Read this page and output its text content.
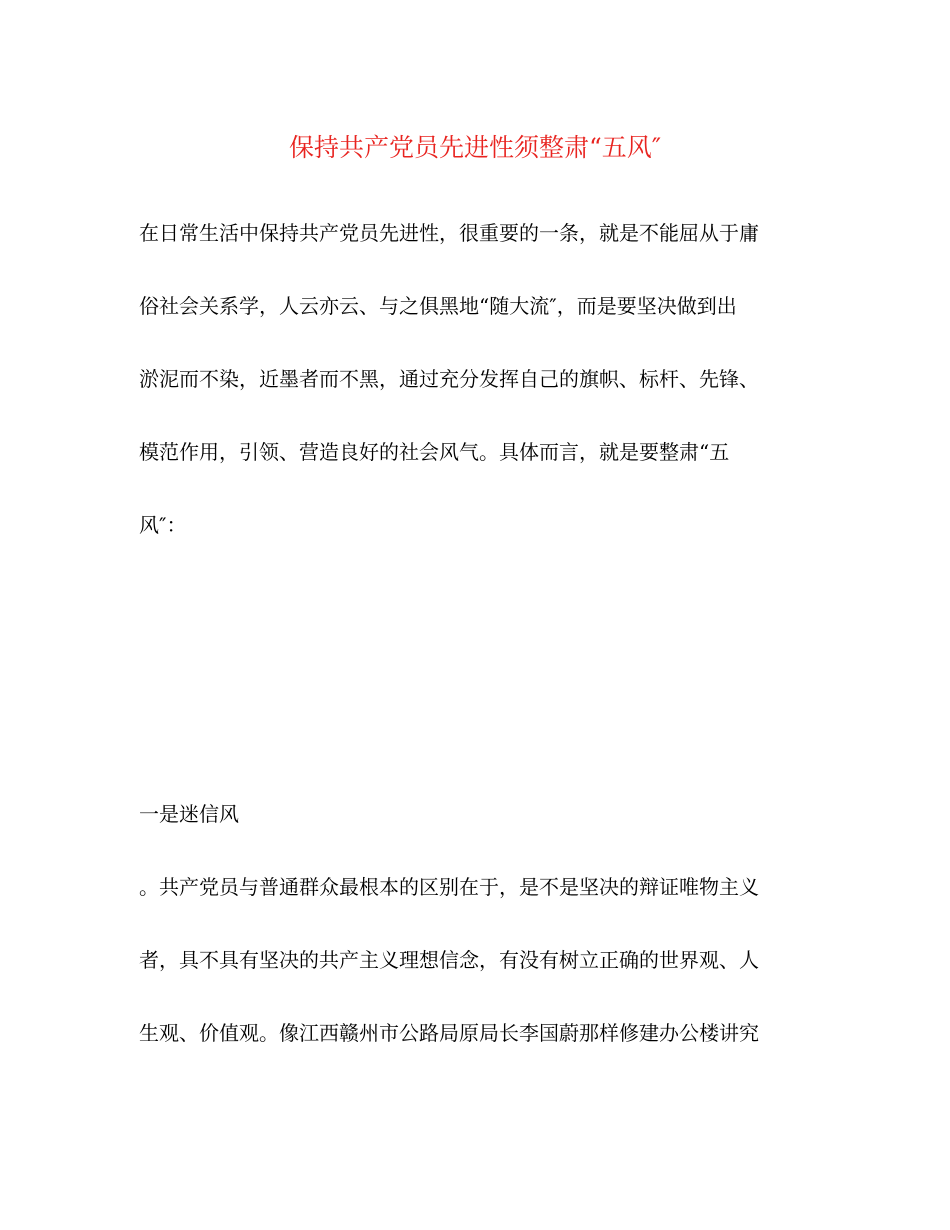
保持共产党员先进性须整肃“五风″
在日常生活中保持共产党员先进性，很重要的一条，就是不能屈从于庸
俗社会关系学，人云亦云、与之俱黑地“随大流″，而是要坚决做到出
淤泥而不染，近墨者而不黑，通过充分发挥自己的旗帜、标杆、先锋、
模范作用，引领、营造良好的社会风气。具体而言，就是要整肃“五
风″：
一是迷信风
。共产党员与普通群众最根本的区别在于，是不是坚决的辩证唯物主义
者，具不具有坚决的共产主义理想信念，有没有树立正确的世界观、人
生观、价值观。像江西赣州市公路局原局长李国蔚那样修建办公楼讲究
